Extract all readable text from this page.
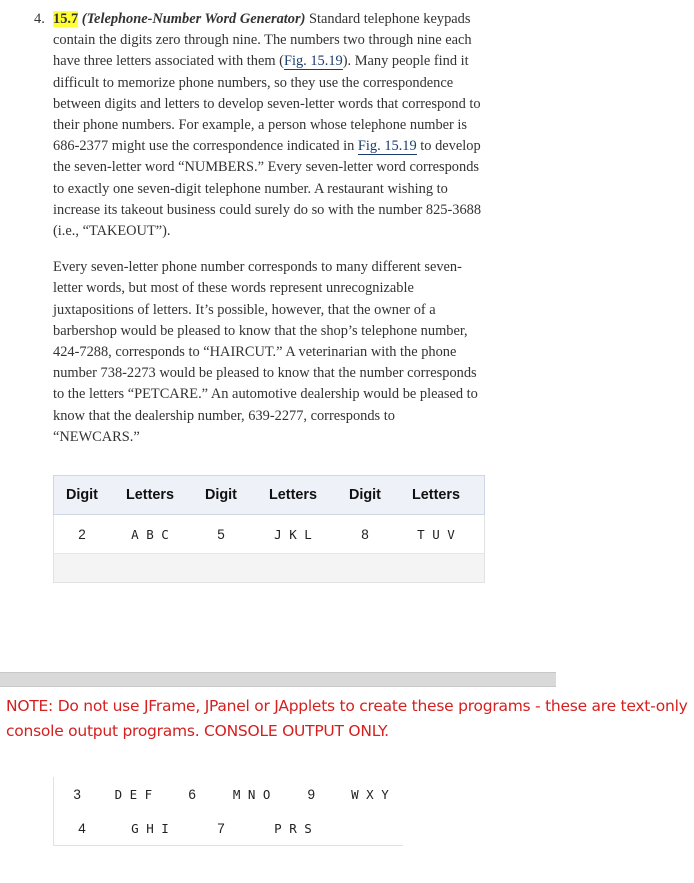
4. 15.7 (Telephone-Number Word Generator) Standard telephone keypads contain the digits zero through nine. The numbers two through nine each have three letters associated with them (Fig. 15.19). Many people find it difficult to memorize phone numbers, so they use the correspondence between digits and letters to develop seven-letter words that correspond to their phone numbers. For example, a person whose telephone number is 686-2377 might use the correspondence indicated in Fig. 15.19 to develop the seven-letter word “NUMBERS.” Every seven-letter word corresponds to exactly one seven-digit telephone number. A restaurant wishing to increase its takeout business could surely do so with the number 825-3688 (i.e., “TAKEOUT”).

Every seven-letter phone number corresponds to many different seven-letter words, but most of these words represent unrecognizable juxtapositions of letters. It’s possible, however, that the owner of a barbershop would be pleased to know that the shop’s telephone number, 424-7288, corresponds to “HAIRCUT.” A veterinarian with the phone number 738-2273 would be pleased to know that the number corresponds to the letters “PETCARE.” An automotive dealership would be pleased to know that the dealership number, 639-2277, corresponds to “NEWCARS.”

Digit	Letters	Digit	Letters	Digit	Letters
2	A B C	5	J K L	8	T U V
NOTE: Do not use JFrame, JPanel or JApplets to create these programs - these are text-only console output programs. CONSOLE OUTPUT ONLY.
3	D E F	6	M N O	9	W X Y
4	G H I	7	P R S
